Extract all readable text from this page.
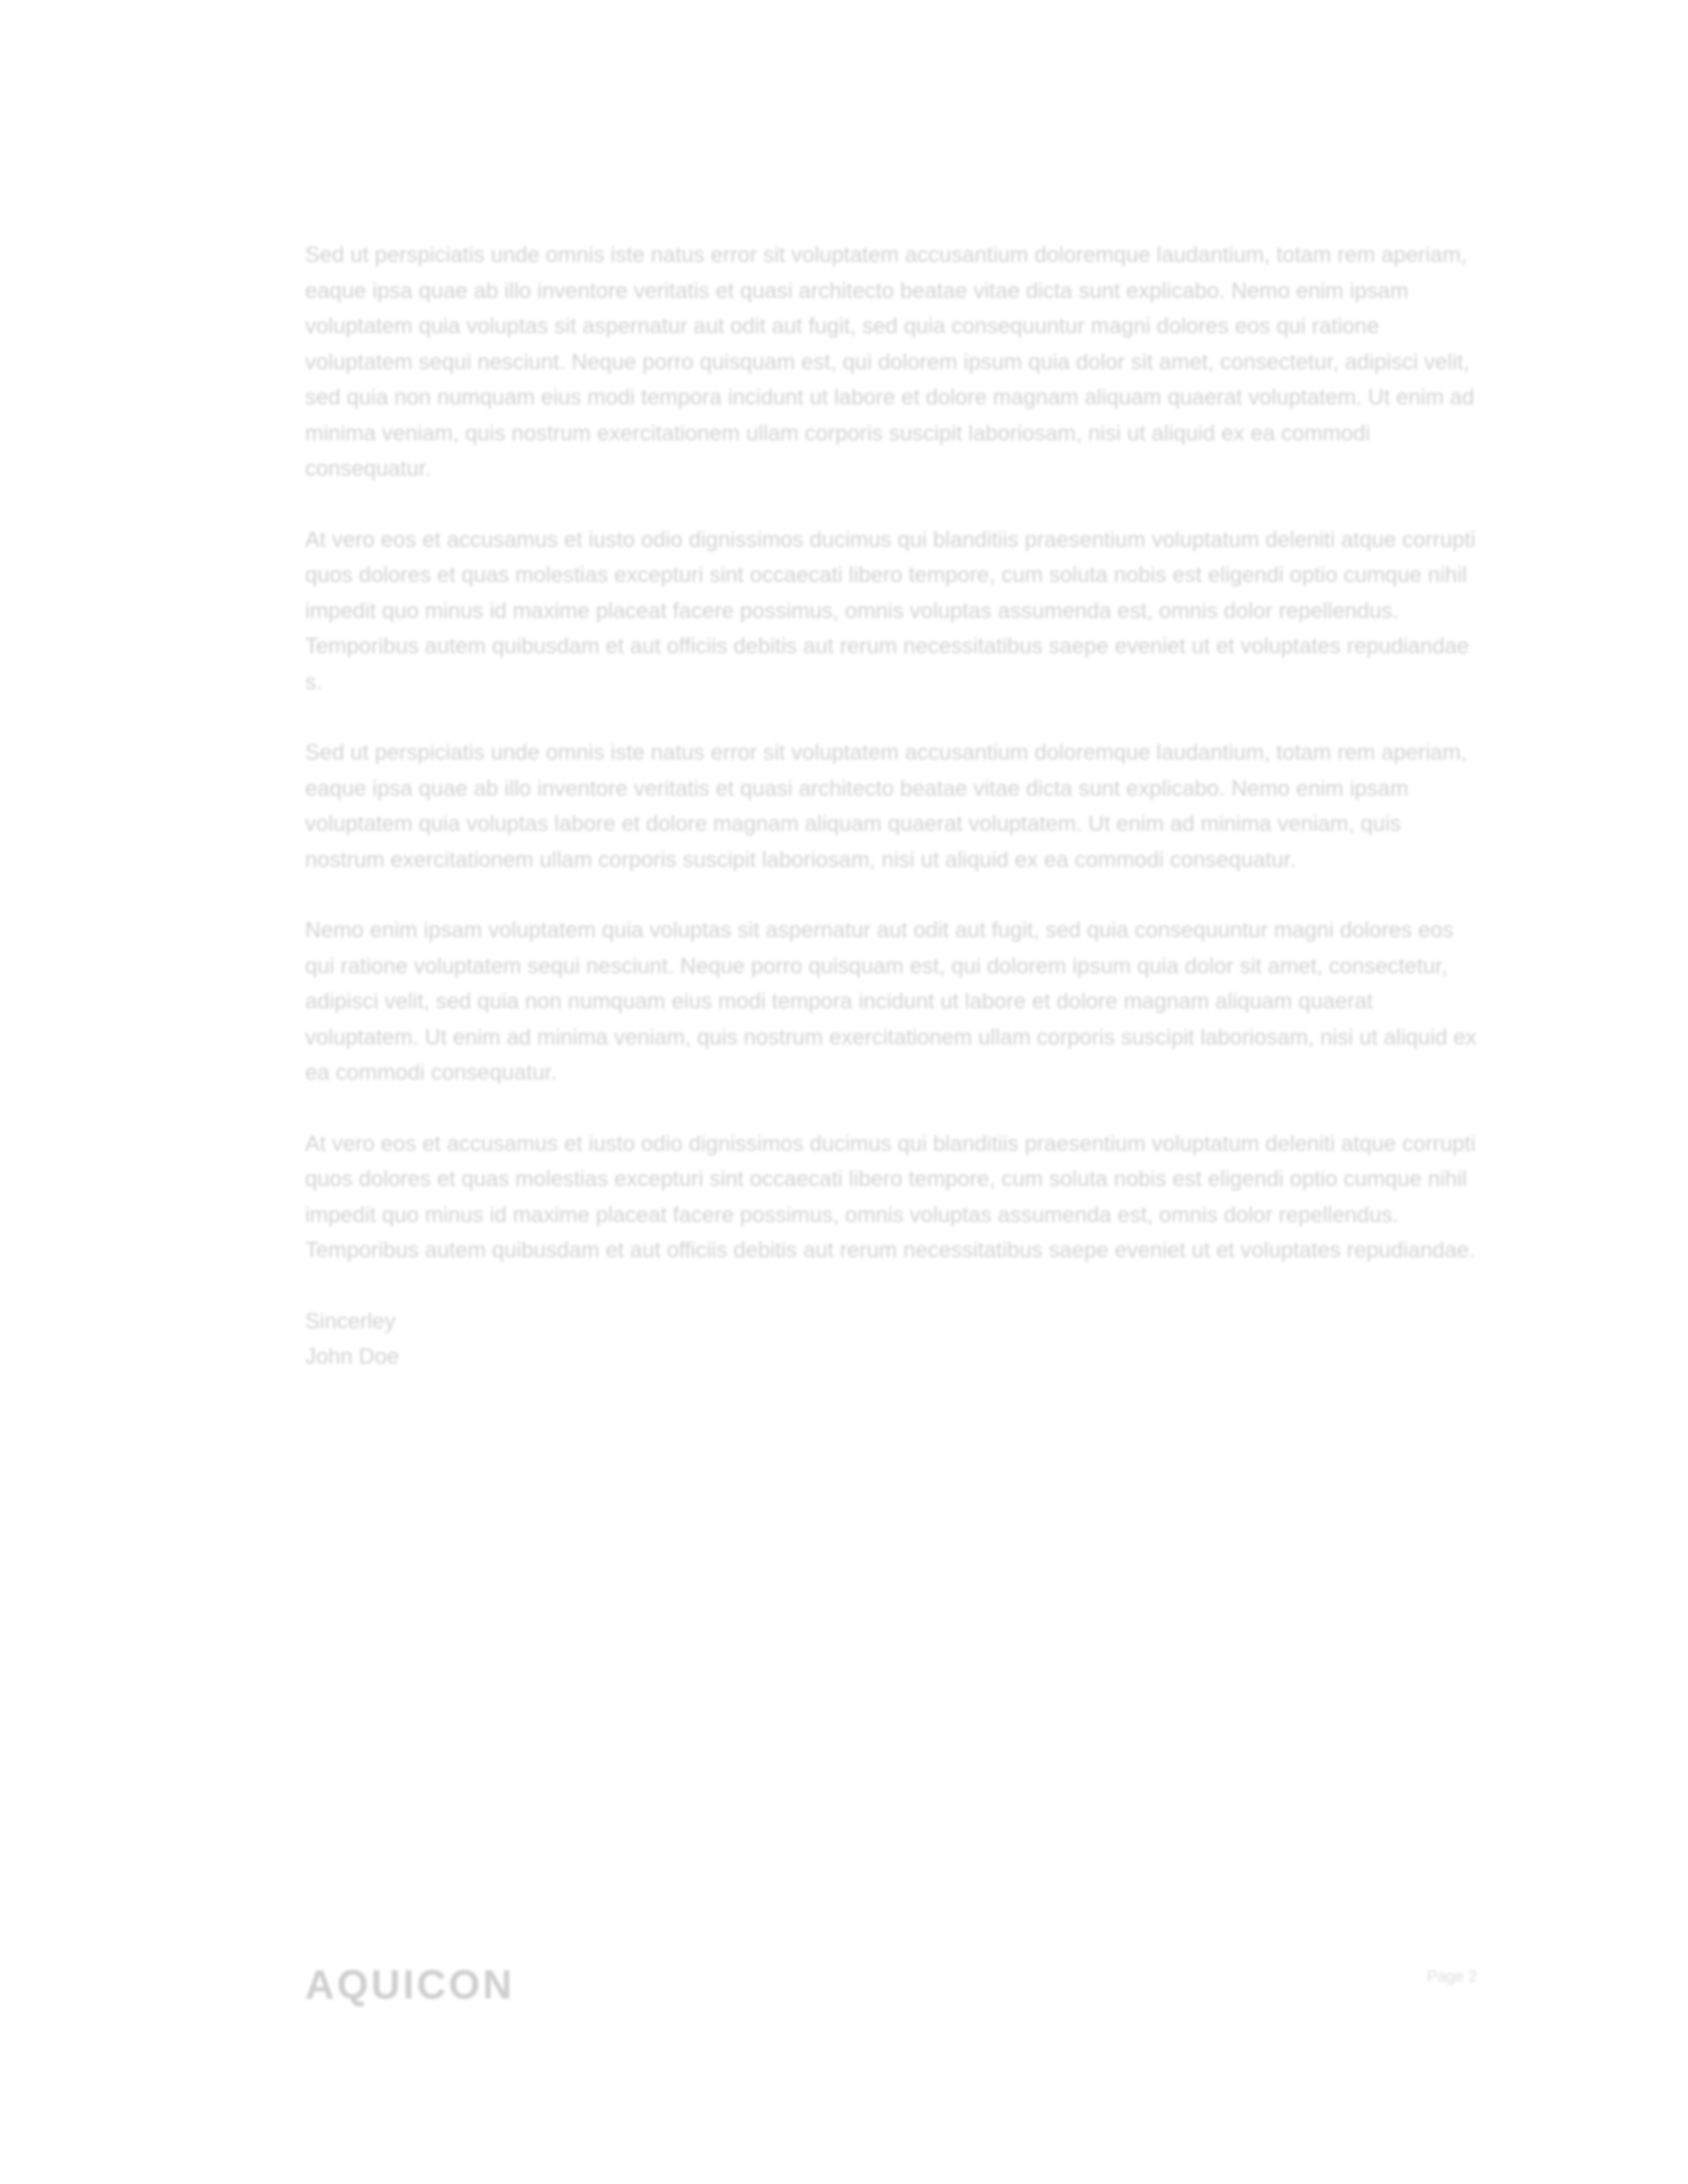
Sed ut perspiciatis unde omnis iste natus error sit voluptatem accusantium doloremque laudantium, totam rem aperiam, eaque ipsa quae ab illo inventore veritatis et quasi architecto beatae vitae dicta sunt explicabo. Nemo enim ipsam voluptatem quia voluptas sit aspernatur aut odit aut fugit, sed quia consequuntur magni dolores eos qui ratione voluptatem sequi nesciunt. Neque porro quisquam est, qui dolorem ipsum quia dolor sit amet, consectetur, adipisci velit, sed quia non numquam eius modi tempora incidunt ut labore et dolore magnam aliquam quaerat voluptatem. Ut enim ad minima veniam, quis nostrum exercitationem ullam corporis suscipit laboriosam, nisi ut aliquid ex ea commodi consequatur.

At vero eos et accusamus et iusto odio dignissimos ducimus qui blanditiis praesentium voluptatum deleniti atque corrupti quos dolores et quas molestias excepturi sint occaecati libero tempore, cum soluta nobis est eligendi optio cumque nihil impedit quo minus id maxime placeat facere possimus, omnis voluptas assumenda est, omnis dolor repellendus. Temporibus autem quibusdam et aut officiis debitis aut rerum necessitatibus saepe eveniet ut et voluptates repudiandae s.

Sed ut perspiciatis unde omnis iste natus error sit voluptatem accusantium doloremque laudantium, totam rem aperiam, eaque ipsa quae ab illo inventore veritatis et quasi architecto beatae vitae dicta sunt explicabo. Nemo enim ipsam voluptatem quia voluptas labore et dolore magnam aliquam quaerat voluptatem. Ut enim ad minima veniam, quis nostrum exercitationem ullam corporis suscipit laboriosam, nisi ut aliquid ex ea commodi consequatur.

Nemo enim ipsam voluptatem quia voluptas sit aspernatur aut odit aut fugit, sed quia consequuntur magni dolores eos qui ratione voluptatem sequi nesciunt. Neque porro quisquam est, qui dolorem ipsum quia dolor sit amet, consectetur, adipisci velit, sed quia non numquam eius modi tempora incidunt ut labore et dolore magnam aliquam quaerat voluptatem. Ut enim ad minima veniam, quis nostrum exercitationem ullam corporis suscipit laboriosam, nisi ut aliquid ex ea commodi consequatur.

At vero eos et accusamus et iusto odio dignissimos ducimus qui blanditiis praesentium voluptatum deleniti atque corrupti quos dolores et quas molestias excepturi sint occaecati libero tempore, cum soluta nobis est eligendi optio cumque nihil impedit quo minus id maxime placeat facere possimus, omnis voluptas assumenda est, omnis dolor repellendus. Temporibus autem quibusdam et aut officiis debitis aut rerum necessitatibus saepe eveniet ut et voluptates repudiandae.

Sincerley
John Doe
AQUICON	Page 2
